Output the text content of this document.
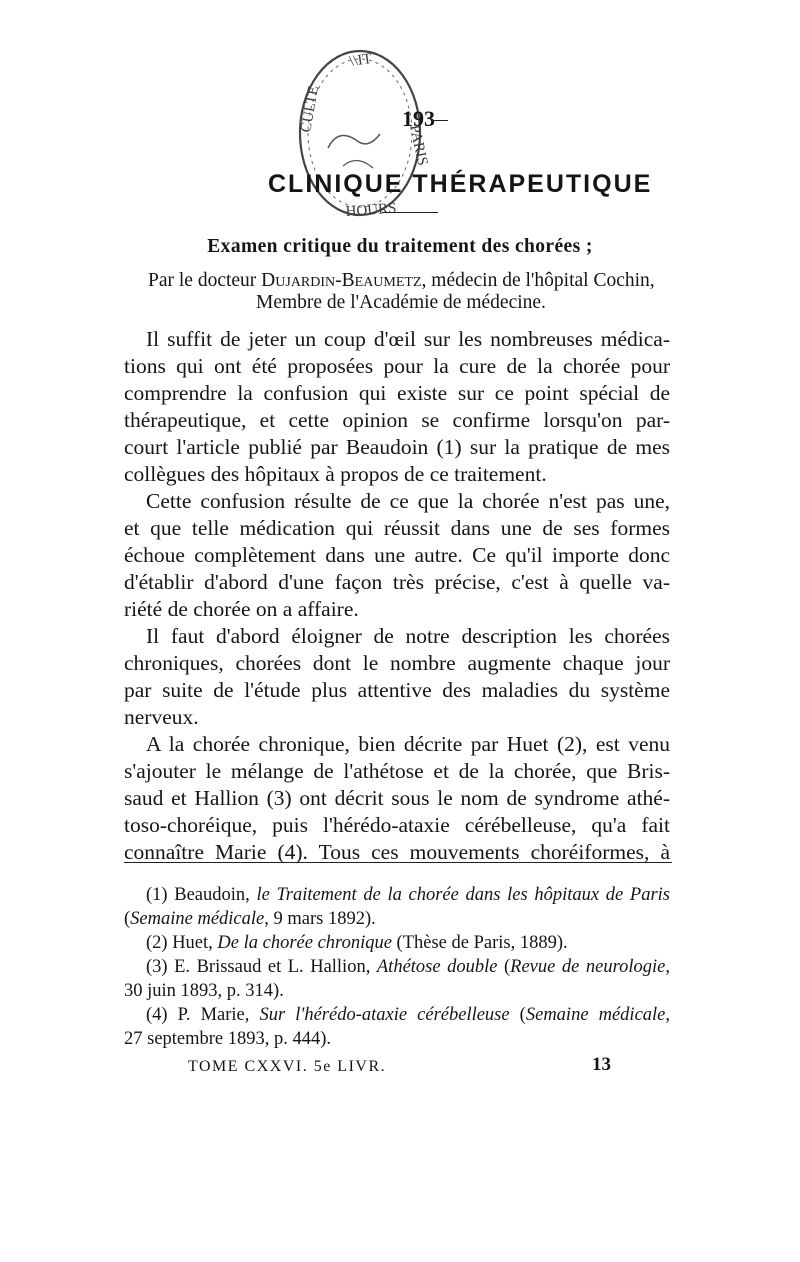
\\IT
CULTE
PARIS
HOURS
193
CLINIQUE THÉRAPEUTIQUE
Examen critique du traitement des chorées ;
Par le docteur Dujardin-Beaumetz, médecin de l'hôpital Cochin,
Membre de l'Académie de médecine.
Il suffit de jeter un coup d'œil sur les nombreuses médica-
tions qui ont été proposées pour la cure de la chorée pour
comprendre la confusion qui existe sur ce point spécial de
thérapeutique, et cette opinion se confirme lorsqu'on par-
court l'article publié par Beaudoin (1) sur la pratique de mes
collègues des hôpitaux à propos de ce traitement.
Cette confusion résulte de ce que la chorée n'est pas une,
et que telle médication qui réussit dans une de ses formes
échoue complètement dans une autre. Ce qu'il importe donc
d'établir d'abord d'une façon très précise, c'est à quelle va-
riété de chorée on a affaire.
Il faut d'abord éloigner de notre description les chorées
chroniques, chorées dont le nombre augmente chaque jour
par suite de l'étude plus attentive des maladies du système
nerveux.
A la chorée chronique, bien décrite par Huet (2), est venu
s'ajouter le mélange de l'athétose et de la chorée, que Bris-
saud et Hallion (3) ont décrit sous le nom de syndrome athé-
toso-choréique, puis l'hérédo-ataxie cérébelleuse, qu'a fait
connaître Marie (4). Tous ces mouvements choréiformes, à
(1) Beaudoin, le Traitement de la chorée dans les hôpitaux de Paris
(Semaine médicale, 9 mars 1892).
(2) Huet, De la chorée chronique (Thèse de Paris, 1889).
(3) E. Brissaud et L. Hallion, Athétose double (Revue de neurologie,
30 juin 1893, p. 314).
(4) P. Marie, Sur l'hérédo-ataxie cérébelleuse (Semaine médicale,
27 septembre 1893, p. 444).
TOME CXXVI. 5e LIVR.	13
